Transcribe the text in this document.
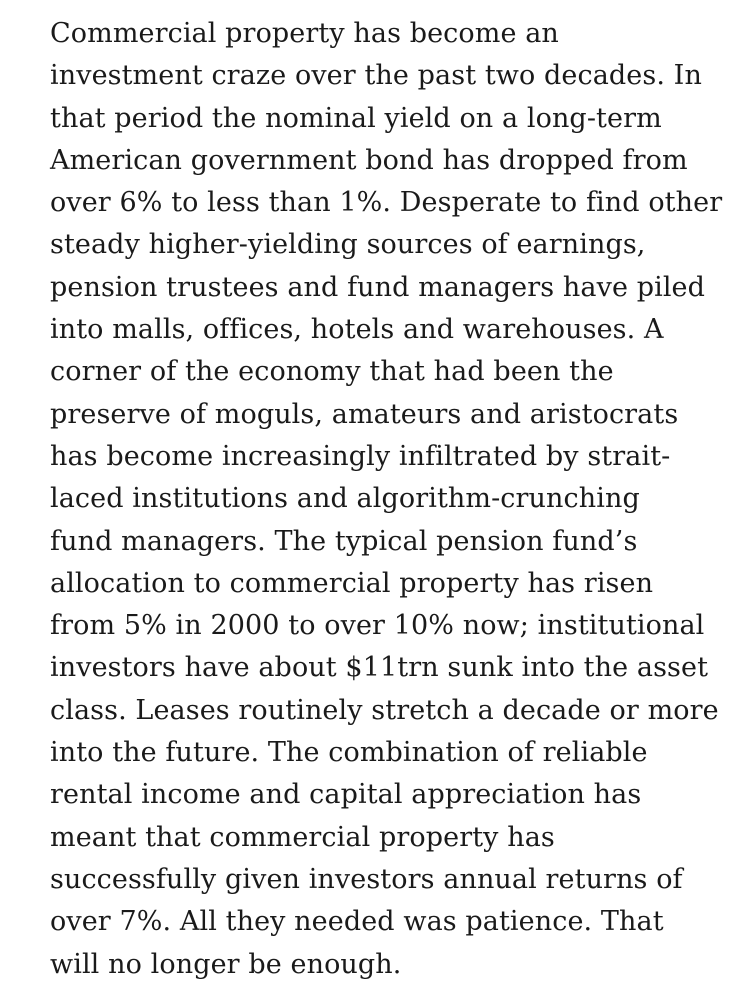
Commercial property has become an
investment craze over the past two decades. In
that period the nominal yield on a long-term
American government bond has dropped from
over 6% to less than 1%. Desperate to find other
steady higher-yielding sources of earnings,
pension trustees and fund managers have piled
into malls, offices, hotels and warehouses. A
corner of the economy that had been the
preserve of moguls, amateurs and aristocrats
has become increasingly infiltrated by strait-
laced institutions and algorithm-crunching
fund managers. The typical pension fund’s
allocation to commercial property has risen
from 5% in 2000 to over 10% now; institutional
investors have about $11trn sunk into the asset
class. Leases routinely stretch a decade or more
into the future. The combination of reliable
rental income and capital appreciation has
meant that commercial property has
successfully given investors annual returns of
over 7%. All they needed was patience. That
will no longer be enough.
